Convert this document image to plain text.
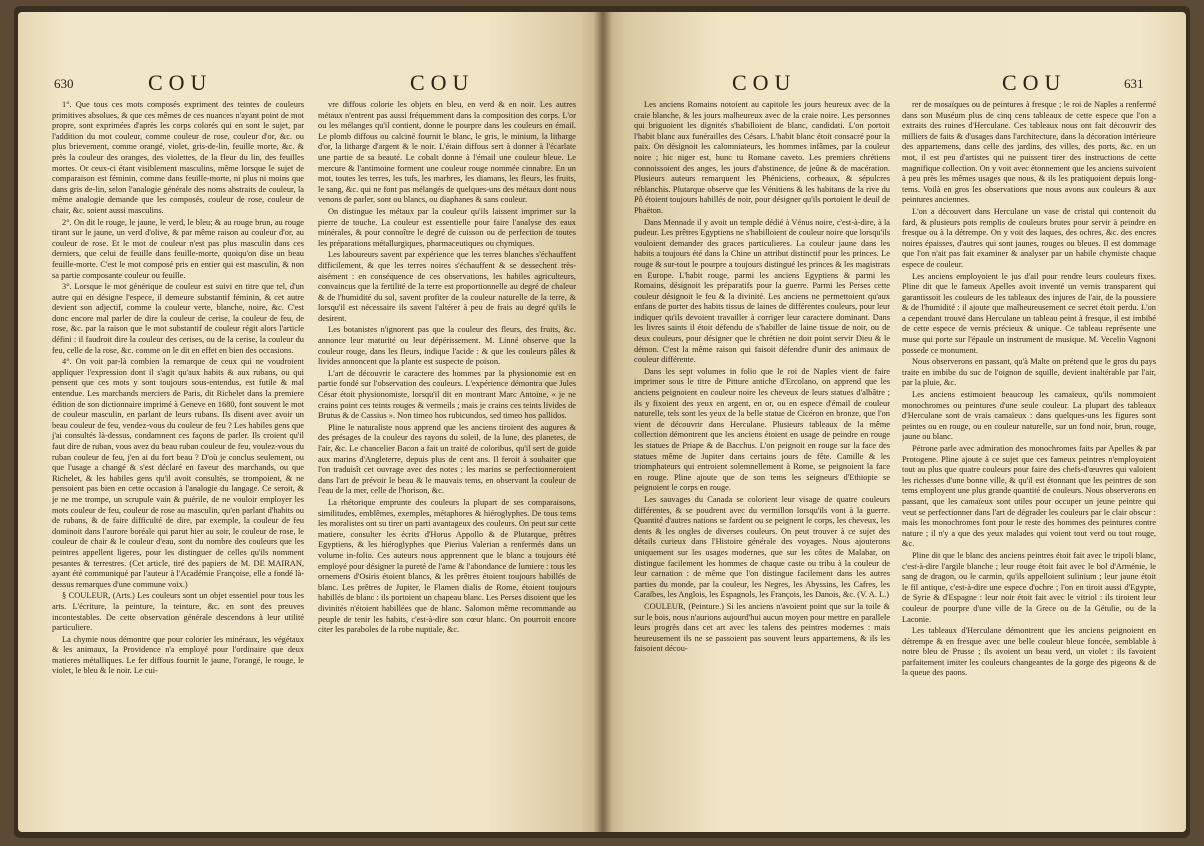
630	COU	COU

1°. Que tous ces mots composés expriment des teintes de couleurs primitives absolues, & que ces mêmes de ces nuances n'ayant point de mot propre, sont exprimées d'après les corps colorés qui en sont le sujet, par l'addition du mot couleur, comme couleur de rose, couleur d'or, &c. ou plus brievement, comme orangé, violet, gris-de-lin, feuille morte, &c. & près la couleur des oranges, des violettes, de la fleur du lin, des feuilles mortes. Or ceux-ci étant visiblement masculins, même lorsque le sujet de comparaison est féminin, comme dans feuille-morte, ni plus ni moins que dans gris de-lin, selon l'analogie générale des noms abstraits de couleur, la même analogie demande que les composés, couleur de rose, couleur de chair, &c. soient aussi masculins.

2°. On dit le rouge, le jaune, le verd, le bleu; & au rouge brun, au rouge tirant sur le jaune, un verd d'olive, & par même raison au couleur d'or, au couleur de rose. Et le mot de couleur n'est pas plus masculin dans ces derniers, que celui de feuille dans feuille-morte, quoiqu'on dise un beau feuille-morte. C'est le mot composé pris en entier qui est masculin, & non sa partie composante couleur ou feuille.

3°. Lorsque le mot générique de couleur est suivi en titre que tel, d'un autre qui en désigne l'espece, il demeure substantif féminin, & cet autre devient son adjectif, comme la couleur verte, blanche, noire, &c. C'est donc encore mal parler de dire la couleur de cerise, la couleur de feu, de rose, &c. par la raison que le mot substantif de couleur régit alors l'article défini : il faudroit dire la couleur des cerises, ou de la cerise, la couleur du feu, celle de la rose, &c. comme on le dit en effet en bien des occasions.

4°. On voit par-là combien la remarque de ceux qui ne voudroient appliquer l'expression dont il s'agit qu'aux habits & aux rubans, ou qui pensent que ces mots y sont toujours sous-entendus, est futile & mal entendue. Les marchands merciers de Paris, dit Richelet dans la premiere édition de son dictionnaire imprimé à Geneve en 1680, font souvent le mot de couleur masculin, en parlant de leurs rubans. Ils disent avec avoir un beau couleur de feu, vendez-vous du couleur de feu ? Les habiles gens que j'ai consultés là-dessus, condamnent ces façons de parler. Ils croient qu'il faut dire de ruban, vous avez du beau ruban couleur de feu, voulez-vous du ruban couleur de feu, j'en ai du fort beau ? D'où je conclus seulement, ou que l'usage a changé & s'est déclaré en faveur des marchands, ou que Richelet, & les habiles gens qu'il avoit consultés, se trompoient, & ne pensoient pas bien en cette occasion à l'analogie du langage. Ce seroit, & je ne me trompe, un scrupule vain & puérile, de ne vouloir employer les mots couleur de feu, couleur de rose au masculin, qu'en parlant d'habits ou de rubans, & de faire difficulté de dire, par exemple, la couleur de feu dominoit dans l'aurore boréale qui parut hier au soir, le couleur de rose, le couleur de chair & le couleur d'eau, sont du nombre des couleurs que les peintres appellent ligeres, pour les distinguer de celles qu'ils nomment pesantes & terrestres. (Cet article, tiré des papiers de M. DE MAIRAN, ayant été communiqué par l'auteur à l'Académie Françoise, elle a fondé là-dessus remarques d'une commune voix.)

§ COULEUR, (Arts.) Les couleurs sont un objet essentiel pour tous les arts. L'écriture, la peinture, la teinture, &c. en sont des preuves incontestables. De cette observation générale descendons à leur utilité particuliere.

La chymie nous démontre que pour colorier les minéraux, les végétaux & les animaux, la Providence n'a employé pour l'ordinaire que deux matieres métalliques. Le fer diffous fournit le jaune, l'orangé, le rouge, le violet, le bleu & le noir. Le cui-

vre diffous colorie les objets en bleu, en verd & en noir. Les autres métaux n'entrent pas aussi fréquemment dans la composition des corps. L'or ou les mélanges qu'il contient, donne le pourpre dans les couleurs en émail. Le plomb diffous ou calciné fournit le blanc, le gris, le minium, la litharge d'or, la litharge d'argent & le noir. L'étain diffous sert à donner à l'écarlate une partie de sa beauté. Le cobalt donne à l'émail une couleur bleue. Le mercure & l'antimoine forment une couleur rouge nommée cinnabre. En un mot, toutes les terres, les tufs, les marbres, les diamans, les fleurs, les fruits, le sang, &c. qui ne font pas mélangés de quelques-uns des métaux dont nous venons de parler, sont ou blancs, ou diaphanes & sans couleur.

On distingue les métaux par la couleur qu'ils laissent imprimer sur la pierre de touche. La couleur est essentielle pour faire l'analyse des eaux minérales, & pour connoître le degré de cuisson ou de perfection de toutes les préparations métallurgiques, pharmaceutiques ou chymiques.

Les laboureurs savent par expérience que les terres blanches s'échauffent difficilement, & que les terres noires s'échauffent & se dessechent très-aisément : en conséquence de ces observations, les habiles agriculteurs, convaincus que la fertilité de la terre est proportionnelle au degré de chaleur & de l'humidité du sol, savent profiter de la couleur naturelle de la terre, & lorsqu'il est nécessaire ils savent l'altérer à peu de frais au degré qu'ils le desirent.

Les botanistes n'ignorent pas que la couleur des fleurs, des fruits, &c. annonce leur maturité ou leur dépérissement. M. Linné observe que la couleur rouge, dans les fleurs, indique l'acide : & que les couleurs pâles & livides annoncent que la plante est suspecte de poison.

L'art de découvrir le caractere des hommes par la physionomie est en partie fondé sur l'observation des couleurs. L'expérience démontra que Jules César étoit physionomiste, lorsqu'il dit en montrant Marc Antoine, « je ne crains point ces teints rouges & vermeils ; mais je crains ces teints livides de Brutus & de Cassius ». Non timeo hos rubicundos, sed timeo hos pallidos.

Pline le naturaliste nous apprend que les anciens tiroient des augures & des présages de la couleur des rayons du soleil, de la lune, des planetes, de l'air, &c. Le chancelier Bacon a fait un traité de coloribus, qu'il sert de guide aux marins d'Angleterre, depuis plus de cent ans. Il feroit à souhaiter que l'on traduisît cet ouvrage avec des notes ; les marins se perfectionneroient dans l'art de prévoir le beau & le mauvais tems, en observant la couleur de l'eau de la mer, celle de l'horison, &c.

La rhétorique emprunte des couleurs la plupart de ses comparaisons, similitudes, emblêmes, exemples, métaphores & hiéroglyphes. De tous tems les moralistes ont su tirer un parti avantageux des couleurs. On peut sur cette matiere, consulter les écrits d'Horus Appollo & de Plutarque, prêtres Egyptiens, & les hiéroglyphes que Pierius Valerian a renfermés dans un volume in-folio. Ces auteurs nous apprennent que le blanc a toujours été employé pour désigner la pureté de l'ame & l'abondance de lumiere : tous les ornemens d'Osiris étoient blancs, & les prêtres étoient toujours habillés de blanc. Les prêtres de Jupiter, le Flamen dialis de Rome, étoient toujours habillés de blanc : ils portoient un chapeau blanc. Les Perses disoient que les divinités n'étoient habillées que de blanc. Salomon même recommande au peuple de tenir les habits, c'est-à-dire son cœur blanc. On pourroit encore citer les paraboles de la robe nuptiale, &c.

COU	COU	631

Les anciens Romains notoient au capitole les jours heureux avec de la craie blanche, & les jours malheureux avec de la craie noire. Les personnes qui briguoient les dignités s'habilloient de blanc, candidati. L'on portoit l'habit blanc aux funérailles des Césars. L'habit blanc étoit consacré pour la paix. On désignoit les calomniateurs, les hommes infâmes, par la couleur noire ; hic niger est, hunc tu Romane caveto. Les premiers chrétiens connoissoient des anges, les jours d'abstinence, de jeûne & de macération. Plusieurs auteurs remarquent les Phéniciens, corbeaux, & sépulcres réblanchis. Plutarque observe que les Vénitiens & les habitans de la rive du Pô étoient toujours habillés de noir, pour désigner qu'ils portoient le deuil de Phaëton.

Dans Mennade il y avoit un temple dédié à Vénus noire, c'est-à-dire, à la pudeur. Les prêtres Egyptiens ne s'habilloient de couleur noire que lorsqu'ils vouloient demander des graces particulieres. La couleur jaune dans les habits a toujours été dans la Chine un attribut distinctif pour les princes. Le rouge & sur-tout le pourpre a toujours distingué les princes & les magistrats en Europe. L'habit rouge, parmi les anciens Egyptiens & parmi les Romains, désignoit les préparatifs pour la guerre. Parmi les Perses cette couleur désignoit le feu & la divinité. Les anciens ne permettoient qu'aux enfans de porter des habits tissus de laines de différentes couleurs, pour leur indiquer qu'ils devoient travailler à corriger leur caractere dominant. Dans les livres saints il étoit défendu de s'habiller de laine tissue de noir, ou de deux couleurs, pour désigner que le chrétien ne doit point servir Dieu & le démon. C'est la même raison qui faisoit défendre d'unir des animaux de couleur différente.

Dans les sept volumes in folio que le roi de Naples vient de faire imprimer sous le titre de Pitture antiche d'Ercolano, on apprend que les anciens peignoient en couleur noire les cheveux de leurs statues d'albâtre ; ils y fixoient des yeux en argent, en or, ou en espece d'émail de couleur naturelle, tels sont les yeux de la belle statue de Cicéron en bronze, que l'on vient de découvrir dans Herculane. Plusieurs tableaux de la même collection démontrent que les anciens étoient en usage de peindre en rouge les statues de Priape & de Bacchus. L'on peignoit en rouge sur la face des statues même de Jupiter dans certains jours de fête. Camille & les triomphateurs qui entroient solemnellement à Rome, se peignoient la face en rouge. Pline ajoute que de son tems les seigneurs d'Ethiopie se peignoient le corps en rouge.

Les sauvages du Canada se colorient leur visage de quatre couleurs différentes, & se poudrent avec du vermillon lorsqu'ils vont à la guerre. Quantité d'autres nations se fardent ou se peignent le corps, les cheveux, les dents & les ongles de diverses couleurs. On peut trouver à ce sujet des détails curieux dans l'Histoire générale des voyages. Nous ajouterons uniquement sur les usages modernes, que sur les côtes de Malabar, on distingue facilement les hommes de chaque caste ou tribu à la couleur de leur carnation : de même que l'on distingue facilement dans les autres parties du monde, par la couleur, les Negres, les Abyssins, les Cafres, les Caraïbes, les Anglois, les Espagnols, les François, les Danois, &c. (V. A. L.)

COULEUR, (Peinture.) Si les anciens n'avoient point que sur la toile & sur le bois, nous n'aurions aujourd'hui aucun moyen pour mettre en parallele leurs progrès dans cet art avec les talens des peintres modernes : mais heureusement ils ne se passoient pas souvent leurs appartemens, & ils les faisoient décou-

rer de mosaïques ou de peintures à fresque ; le roi de Naples a renfermé dans son Muséum plus de cinq cens tableaux de cette espece que l'on a extraits des ruines d'Herculane. Ces tableaux nous ont fait découvrir des milliers de faits & d'usages dans l'architecture, dans la décoration intérieure des appartemens, dans celle des jardins, des villes, des ports, &c. en un mot, il est peu d'artistes qui ne puissent tirer des instructions de cette magnifique collection. On y voit avec étonnement que les anciens suivoient à peu près les mêmes usages que nous, & ils les pratiquoient depuis long-tems. Voilà en gros les observations que nous avons aux couleurs & aux peintures anciennes.

L'on a découvert dans Herculane un vase de cristal qui contenoit du fard, & plusieurs pots remplis de couleurs brutes pour servir à peindre en fresque ou à la détrempe. On y voit des laques, des ochres, &c. des encres noires épaisses, d'autres qui sont jaunes, rouges ou bleues. Il est dommage que l'on n'ait pas fait examiner & analyser par un habile chymiste chaque espece de couleur.

Les anciens employoient le jus d'ail pour rendre leurs couleurs fixes. Pline dit que le fameux Apelles avoit inventé un vernis transparent qui garantissoit les couleurs de les tableaux des injures de l'air, de la poussiere & de l'humidité : il ajoute que malheureusement ce secret étoit perdu. L'on a cependant trouvé dans Herculane un tableau peint à fresque, il est imbibé de cette espece de vernis précieux & unique. Ce tableau représente une muse qui porte sur l'épaule un instrument de musique. M. Vecelio Vagnoni possede ce monument.

Nous observerons en passant, qu'à Malte on prétend que le gros du pays traite en imbibe du suc de l'oignon de squille, devient inaltérable par l'air, par la pluie, &c.

Les anciens estimoient beaucoup les camaïeux, qu'ils nommoient monochromes ou peintures d'une seule couleur. La plupart des tableaux d'Herculane sont de vrais camaïeux : dans quelques-uns les figures sont peintes ou en rouge, ou en couleur naturelle, sur un fond noir, brun, rouge, jaune ou blanc.

Pétrone parle avec admiration des monochromes faits par Apelles & par Protogene. Pline ajoute à ce sujet que ces fameux peintres n'employoient tout au plus que quatre couleurs pour faire des chefs-d'œuvres qui valoient les richesses d'une bonne ville, & qu'il est étonnant que les peintres de son tems employent une plus grande quantité de couleurs. Nous observerons en passant, que les camaïeux sont utiles pour occuper un jeune peintre qui veut se perfectionner dans l'art de dégrader les couleurs par le clair obscur : mais les monochromes font pour le reste des hommes des peintures contre nature ; il n'y a que des yeux malades qui voient tout verd ou tout rouge, &c.

Pline dit que le blanc des anciens peintres étoit fait avec le tripoli blanc, c'est-à-dire l'argile blanche ; leur rouge étoit fait avec le bol d'Arménie, le sang de dragon, ou le carmin, qu'ils appelloient sulinium ; leur jaune étoit le fil antique, c'est-à-dire une espece d'ochre ; l'on en tiroit aussi d'Egypte, de Syrie & d'Espagne : leur noir étoit fait avec le vitriol : ils tiroient leur couleur de pourpre d'une ville de la Grece ou de la Gétulie, ou de la Laconie.

Les tableaux d'Herculane démontrent que les anciens peignoient en détrempe & en fresque avec une belle couleur bleue foncée, semblable à notre bleu de Prusse ; ils avoient un beau verd, un violet : ils favoient parfaitement imiter les couleurs changeantes de la gorge des pigeons & de la queue des paons.
